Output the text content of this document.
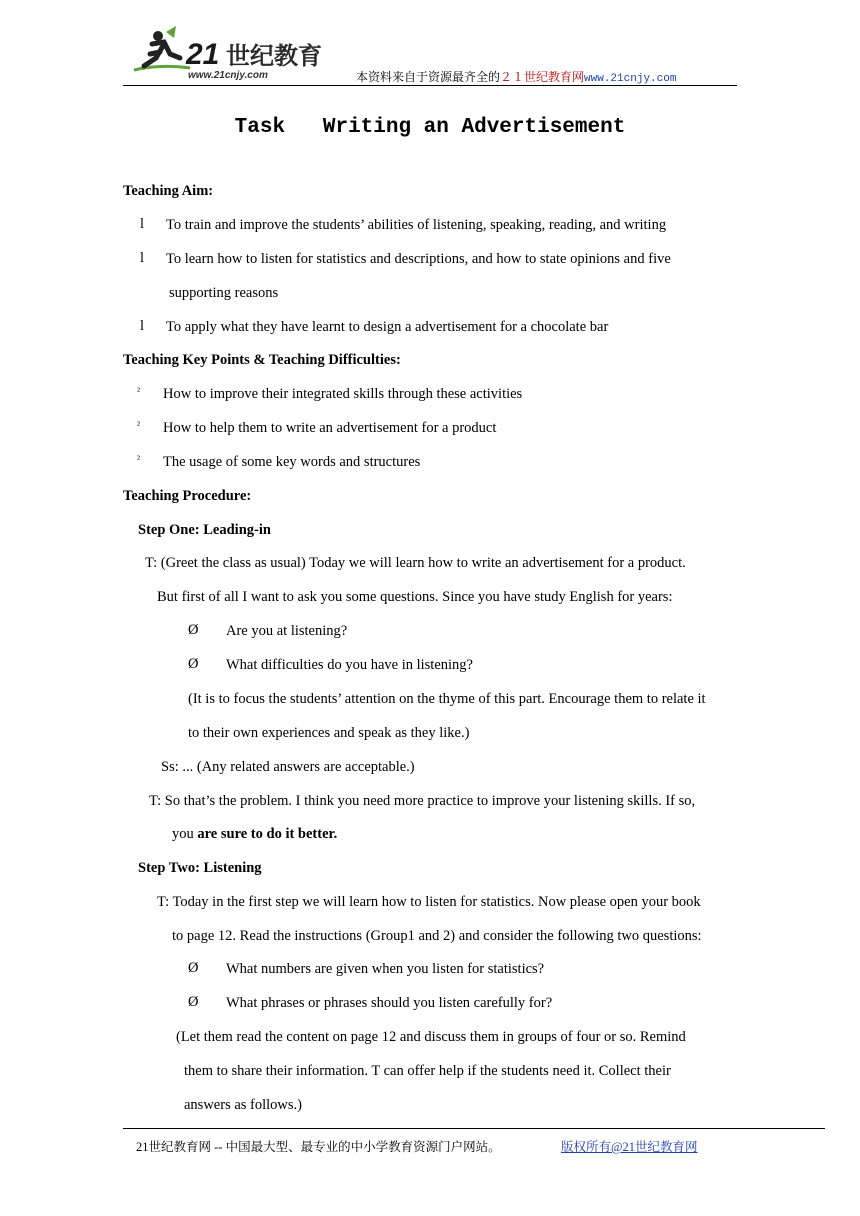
21 世纪教育
www.21cnjy.com	本资料来自于资源最齐全的２１世纪教育网www.21cnjy.com
Task   Writing an Advertisement
Teaching Aim:
l To train and improve the students’ abilities of listening, speaking, reading, and writing
l To learn how to listen for statistics and descriptions, and how to state opinions and five
supporting reasons
l To apply what they have learnt to design a advertisement for a chocolate bar
Teaching Key Points & Teaching Difficulties:
² How to improve their integrated skills through these activities
² How to help them to write an advertisement for a product
² The usage of some key words and structures
Teaching Procedure:
Step One: Leading-in
T: (Greet the class as usual) Today we will learn how to write an advertisement for a product.
But first of all I want to ask you some questions. Since you have study English for years:
Ø Are you at listening?
Ø What difficulties do you have in listening?
(It is to focus the students’ attention on the thyme of this part. Encourage them to relate it
to their own experiences and speak as they like.)
Ss: ... (Any related answers are acceptable.)
T: So that’s the problem. I think you need more practice to improve your listening skills. If so,
you are sure to do it better.
Step Two: Listening
T: Today in the first step we will learn how to listen for statistics. Now please open your book
to page 12. Read the instructions (Group1 and 2) and consider the following two questions:
Ø What numbers are given when you listen for statistics?
Ø What phrases or phrases should you listen carefully for?
(Let them read the content on page 12 and discuss them in groups of four or so. Remind
them to share their information. T can offer help if the students need it. Collect their
answers as follows.)
21世纪教育网 -- 中国最大型、最专业的中小学教育资源门户网站。	版权所有@21世纪教育网
